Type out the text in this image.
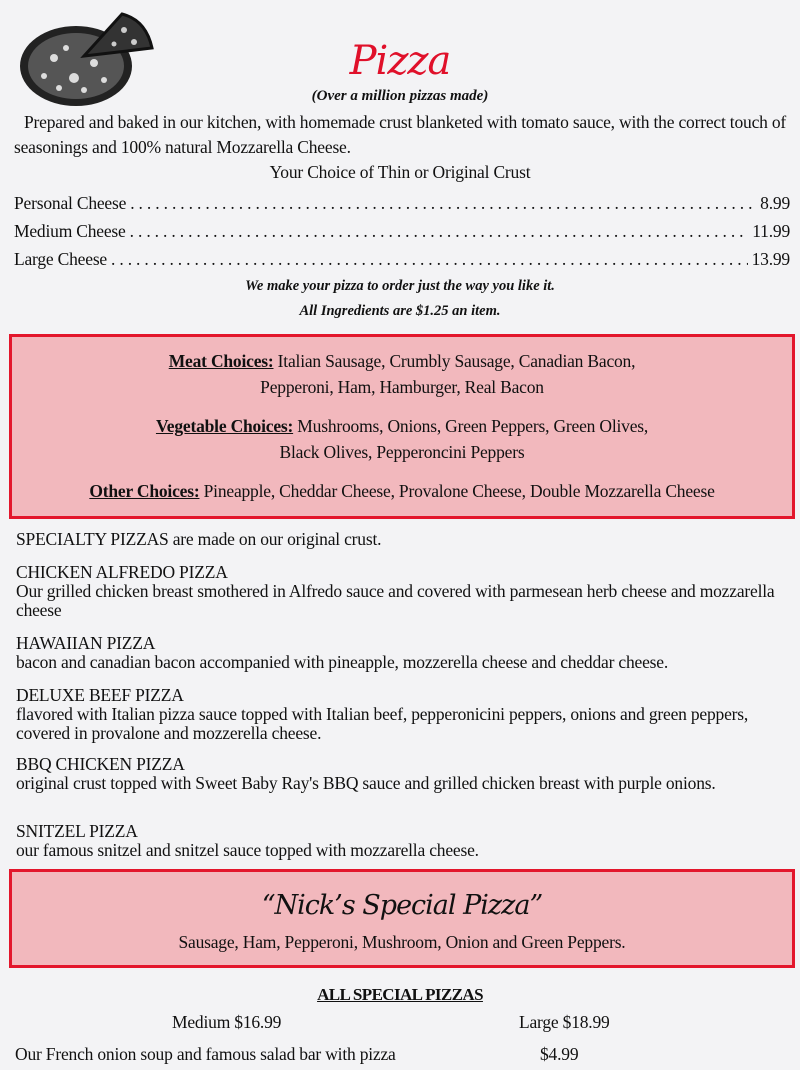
Pizza
(Over a million pizzas made)
Prepared and baked in our kitchen, with homemade crust blanketed with tomato sauce, with the correct touch of seasonings and 100% natural Mozzarella Cheese.
Your Choice of Thin or Original Crust
Personal Cheese . . .	8.99
Medium Cheese . . .	11.99
Large Cheese . . .	13.99
We make your pizza to order just the way you like it.
All Ingredients are $1.25 an item.

Meat Choices: Italian Sausage, Crumbly Sausage, Canadian Bacon,

Pepperoni, Ham, Hamburger, Real Bacon

Vegetable Choices: Mushrooms, Onions, Green Peppers, Green Olives,

Black Olives, Pepperoncini Peppers

Other Choices: Pineapple, Cheddar Cheese, Provalone Cheese, Double Mozzarella Cheese

SPECIALTY PIZZAS are made on our original crust.
CHICKEN ALFREDO PIZZA
Our grilled chicken breast smothered in Alfredo sauce and covered with parmesean herb cheese and mozzarella cheese
HAWAIIAN PIZZA
bacon and canadian bacon accompanied with pineapple, mozzerella cheese and cheddar cheese.
DELUXE BEEF PIZZA
flavored with Italian pizza sauce topped with Italian beef, pepperonicini peppers, onions and green peppers, covered in provalone and mozzerella cheese.
BBQ CHICKEN PIZZA
original crust topped with Sweet Baby Ray's BBQ sauce and grilled chicken breast with purple onions.
SNITZEL PIZZA
our famous snitzel and snitzel sauce topped with mozzarella cheese.
“Nick’s Special Pizza”
Sausage, Ham, Pepperoni, Mushroom, Onion and Green Peppers.
ALL SPECIAL PIZZAS
Medium $16.99	Large $18.99
Our French onion soup and famous salad bar with pizza	$4.99
